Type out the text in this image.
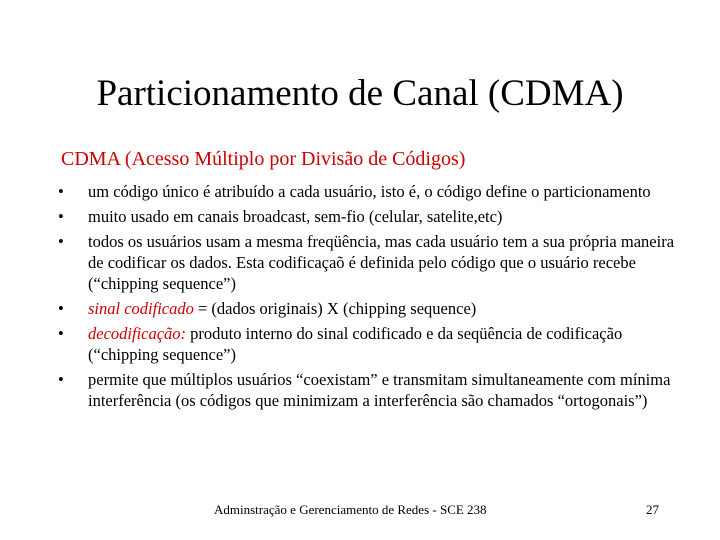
Particionamento de Canal (CDMA)

CDMA (Acesso Múltiplo por Divisão de Códigos)

• um código único é atribuído a cada usuário, isto é, o código define o particionamento
• muito usado em canais broadcast, sem-fio (celular, satelite,etc)
• todos os usuários usam a mesma freqüência, mas cada usuário tem a sua própria maneira de codificar os dados. Esta codificaçaõ é definida pelo código que o usuário recebe (“chipping sequence”)
• sinal codificado = (dados originais) X (chipping sequence)
• decodificação: produto interno do sinal codificado e da seqüência de codificação (“chipping sequence”)
• permite que múltiplos usuários “coexistam” e transmitam simultaneamente com mínima interferência (os códigos que minimizam a interferência são chamados “ortogonais”)
Adminstração e Gerenciamento de Redes - SCE 238	27
